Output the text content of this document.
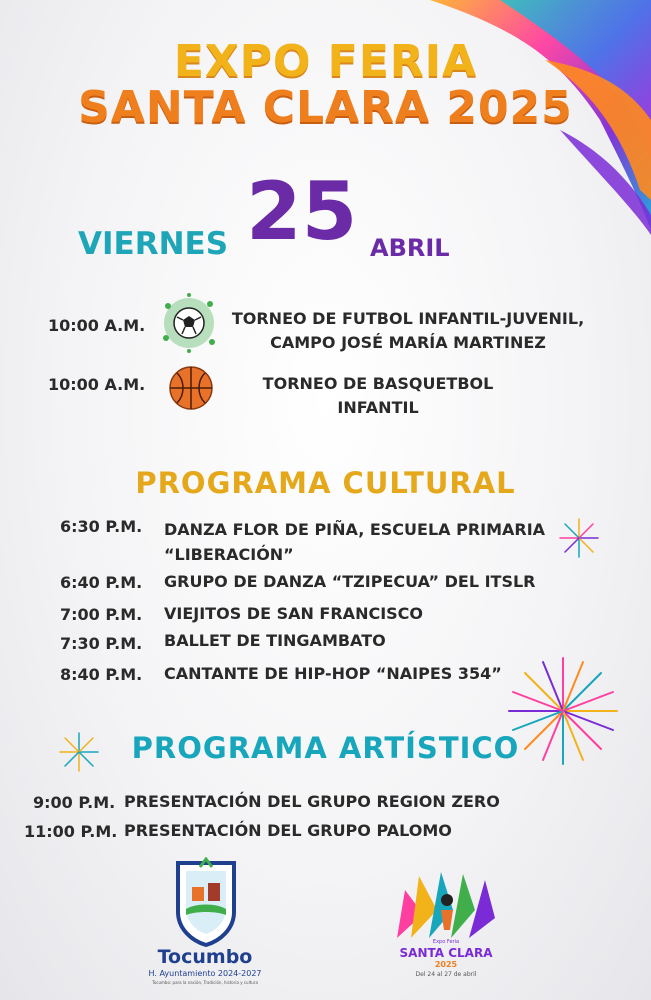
EXPO FERIA
SANTA CLARA 2025
VIERNES 25 ABRIL
10:00 A.M.	TORNEO DE FUTBOL INFANTIL-JUVENIL,
CAMPO JOSÉ MARÍA MARTINEZ
10:00 A.M.	TORNEO DE BASQUETBOL
INFANTIL
PROGRAMA CULTURAL
6:30 P.M. DANZA FLOR DE PIÑA, ESCUELA PRIMARIA
“LIBERACIÓN”
6:40 P.M. GRUPO DE DANZA “TZIPECUA” DEL ITSLR
7:00 P.M. VIEJITOS DE SAN FRANCISCO
7:30 P.M. BALLET DE TINGAMBATO
8:40 P.M. CANTANTE DE HIP-HOP “NAIPES 354”
PROGRAMA ARTÍSTICO
9:00 P.M. PRESENTACIÓN DEL GRUPO REGION ZERO
11:00 P.M. PRESENTACIÓN DEL GRUPO PALOMO
Tocumbo
H. Ayuntamiento 2024-2027
Tocumbo: para la nación, Tradición, historia y cultura
Expo Feria
SANTA CLARA
2025
Del 24 al 27 de abril
